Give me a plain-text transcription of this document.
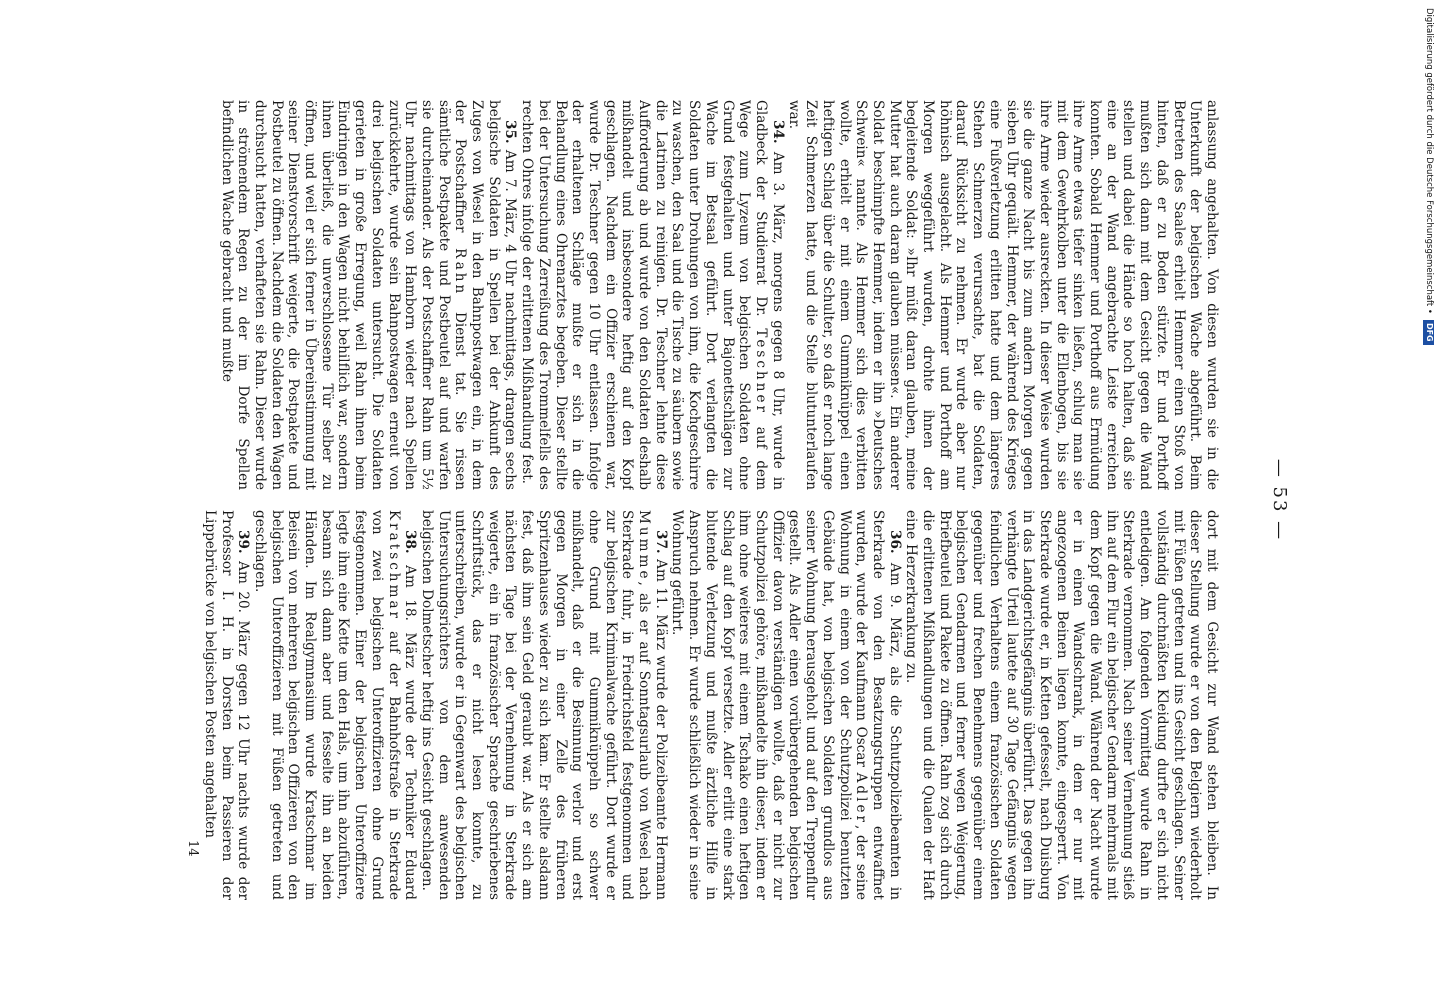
— 53 —

anlassung angehalten. Von diesen wurden sie in die Unterkunft der belgischen Wache abgeführt. Beim Betreten des Saales erhielt Hemmer einen Stoß von hinten, daß er zu Boden stürzte. Er und Porthoff mußten sich dann mit dem Gesicht gegen die Wand stellen und dabei die Hände so hoch halten, daß sie eine an der Wand angebrachte Leiste erreichen konnten. Sobald Hemmer und Porthoff aus Ermüdung ihre Arme etwas tiefer sinken ließen, schlug man sie mit dem Gewehrkolben unter die Ellenbogen, bis sie ihre Arme wieder ausreckten. In dieser Weise wurden sie die ganze Nacht bis zum andern Morgen gegen sieben Uhr gequält. Hemmer, der während des Krieges eine Fußverletzung erlitten hatte und dem längeres Stehen Schmerzen verursachte, bat die Soldaten, darauf Rücksicht zu nehmen. Er wurde aber nur höhnisch ausgelacht. Als Hemmer und Porthoff am Morgen weggeführt wurden, drohte ihnen der begleitende Soldat: »Ihr müßt daran glauben, meine Mutter hat auch daran glauben müssen«. Ein anderer Soldat beschimpfte Hemmer, indem er ihn »Deutsches Schwein« nannte. Als Hemmer sich dies verbitten wollte, erhielt er mit einem Gummiknüppel einen heftigen Schlag über die Schulter, so daß er noch lange Zeit Schmerzen hatte, und die Stelle blutunterlaufen war.

34. Am 3. März, morgens gegen 8 Uhr, wurde in Gladbeck der Studienrat Dr. Teschner auf dem Wege zum Lyzeum von belgischen Soldaten ohne Grund festgehalten und unter Bajonettschlägen zur Wache im Betsaal geführt. Dort verlangten die Soldaten unter Drohungen von ihm, die Kochgeschirre zu waschen, den Saal und die Tische zu säubern sowie die Latrinen zu reinigen. Dr. Teschner lehnte diese Aufforderung ab und wurde von den Soldaten deshalb mißhandelt und insbesondere heftig auf den Kopf geschlagen. Nachdem ein Offizier erschienen war, wurde Dr. Teschner gegen 10 Uhr entlassen. Infolge der erhaltenen Schläge mußte er sich in die Behandlung eines Ohrenarztes begeben. Dieser stellte bei der Untersuchung Zerreißung des Trommelfells des rechten Ohres infolge der erlittenen Mißhandlung fest.

35. Am 7. März, 4 Uhr nachmittags, drangen sechs belgische Soldaten in Spellen bei der Ankunft des Zuges von Wesel in den Bahnpostwagen ein, in dem der Postschaffner Rahn Dienst tat. Sie rissen sämtliche Postpakete und Postbeutel auf und warfen sie durcheinander. Als der Postschaffner Rahn um 5½ Uhr nachmittags von Hamborn wieder nach Spellen zurückkehrte, wurde sein Bahnpostwagen erneut von drei belgischen Soldaten untersucht. Die Soldaten gerieten in große Erregung, weil Rahn ihnen beim Eindringen in den Wagen nicht behilflich war, sondern ihnen überließ, die unverschlossene Tür selber zu öffnen, und weil er sich ferner in Übereinstimmung mit seiner Dienstvorschrift weigerte, die Postpakete und Postbeutel zu öffnen. Nachdem die Soldaten den Wagen durchsucht hatten, verhafteten sie Rahn. Dieser wurde in strömendem Regen zu der im Dorfe Spellen befindlichen Wache gebracht und mußte

dort mit dem Gesicht zur Wand stehen bleiben. In dieser Stellung wurde er von den Belgiern wiederholt mit Füßen getreten und ins Gesicht geschlagen. Seiner vollständig durchnäßten Kleidung durfte er sich nicht entledigen. Am folgenden Vormittag wurde Rahn in Sterkrade vernommen. Nach seiner Vernehmung stieß ihn auf dem Flur ein belgischer Gendarm mehrmals mit dem Kopf gegen die Wand. Während der Nacht wurde er in einen Wandschrank, in dem er nur mit angezogenen Beinen liegen konnte, eingesperrt. Von Sterkrade wurde er, in Ketten gefesselt, nach Duisburg in das Landgerichtsgefängnis überführt. Das gegen ihn verhängte Urteil lautete auf 30 Tage Gefängnis wegen feindlichen Verhaltens einem französischen Soldaten gegenüber und frechen Benehmens gegenüber einem belgischen Gendarmen und ferner wegen Weigerung, Briefbeutel und Pakete zu öffnen. Rahn zog sich durch die erlittenen Mißhandlungen und die Qualen der Haft eine Herzerkrankung zu.

36. Am 9. März, als die Schutzpolizeibeamten in Sterkrade von den Besatzungstruppen entwaffnet wurden, wurde der Kaufmann Oscar Adler, der seine Wohnung in einem von der Schutzpolizei benutzten Gebäude hat, von belgischen Soldaten grundlos aus seiner Wohnung herausgeholt und auf den Treppenflur gestellt. Als Adler einen vorübergehenden belgischen Offizier davon verständigen wollte, daß er nicht zur Schutzpolizei gehöre, mißhandelte ihn dieser, indem er ihm ohne weiteres mit einem Tschako einen heftigen Schlag auf den Kopf versetzte. Adler erlitt eine stark blutende Verletzung und mußte ärztliche Hilfe in Anspruch nehmen. Er wurde schließlich wieder in seine Wohnung geführt.

37. Am 11. März wurde der Polizeibeamte Hermann Mumme, als er auf Sonntagsurlaub von Wesel nach Sterkrade fuhr, in Friedrichsfeld festgenommen und zur belgischen Kriminalwache geführt. Dort wurde er ohne Grund mit Gummiknüppeln so schwer mißhandelt, daß er die Besinnung verlor und erst gegen Morgen in einer Zelle des früheren Spritzenhauses wieder zu sich kam. Er stellte alsdann fest, daß ihm sein Geld geraubt war. Als er sich am nächsten Tage bei der Vernehmung in Sterkrade weigerte, ein in französischer Sprache geschriebenes Schriftstück, das er nicht lesen konnte, zu unterschreiben, wurde er in Gegenwart des belgischen Untersuchungsrichters von dem anwesenden belgischen Dolmetscher heftig ins Gesicht geschlagen.

38. Am 18. März wurde der Techniker Eduard Kratschmar auf der Bahnhofstraße in Sterkrade von zwei belgischen Unteroffizieren ohne Grund festgenommen. Einer der belgischen Unteroffiziere legte ihm eine Kette um den Hals, um ihn abzuführen, besann sich dann aber und fesselte ihn an beiden Händen. Im Realgymnasium wurde Kratschmar im Beisein von mehreren belgischen Offizieren von den belgischen Unteroffizieren mit Füßen getreten und geschlagen.

39. Am 20. März gegen 12 Uhr nachts wurde der Professor I. H. in Dorsten beim Passieren der Lippebrücke von belgischen Posten angehalten

14
Digitalisierung gefördert durch die Deutsche Forschungsgemeinschaft •
DFG
